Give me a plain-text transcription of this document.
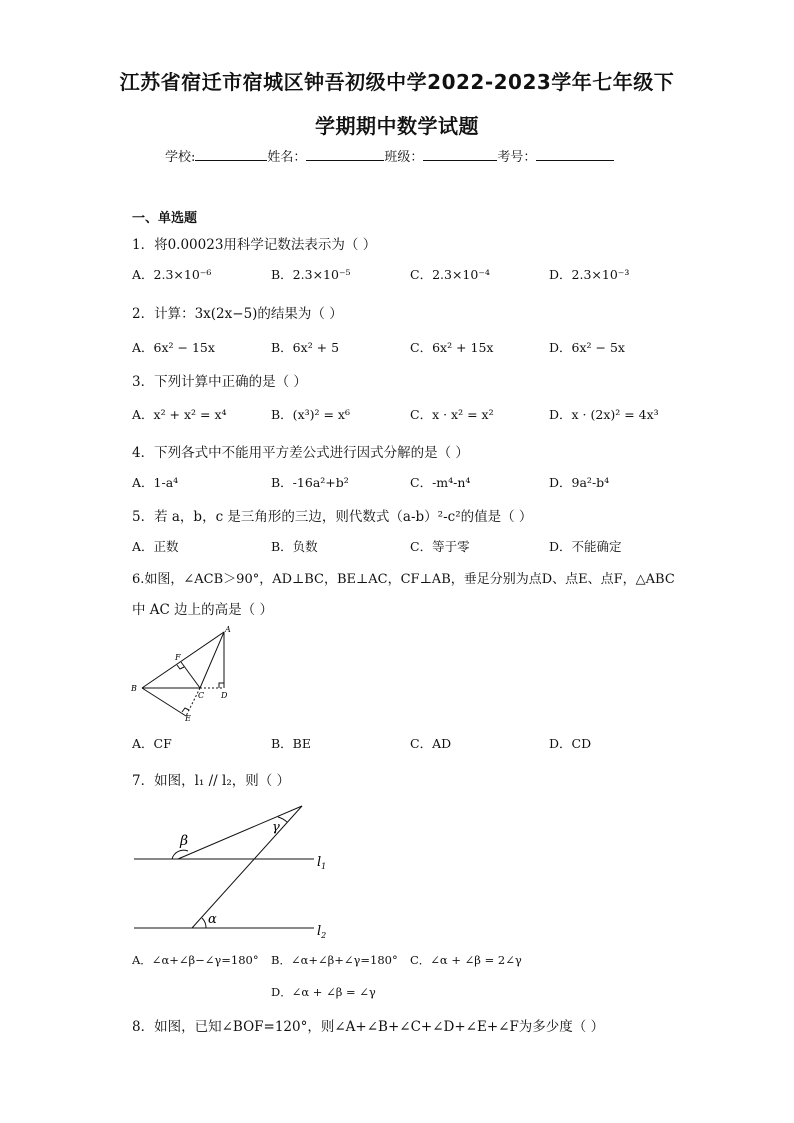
江苏省宿迁市宿城区钟吾初级中学2022-2023学年七年级下
学期期中数学试题
学校:	姓名：	班级：	考号：
一、单选题
1．将0.00023用科学记数法表示为（ ）
A．2.3×10⁻⁶	B．2.3×10⁻⁵	C．2.3×10⁻⁴	D．2.3×10⁻³
2．计算：3x(2x−5)的结果为（ ）
A．6x² − 15x	B．6x² + 5	C．6x² + 15x	D．6x² − 5x
3．下列计算中正确的是（ ）
A．x² + x² = x⁴	B．(x³)² = x⁶	C．x · x² = x²	D．x · (2x)² = 4x³
4．下列各式中不能用平方差公式进行因式分解的是（ ）
A．1-a⁴	B．-16a²+b²	C．-m⁴-n⁴	D．9a²-b⁴
5．若 a，b，c 是三角形的三边，则代数式（a-b）²-c²的值是（ ）
A．正数	B．负数	C．等于零	D．不能确定
6.如图，∠ACB＞90°，AD⊥BC，BE⊥AC，CF⊥AB，垂足分别为点D、点E、点F，△ABC
中 AC 边上的高是（ ）
A
B
C D
E
F
A．CF	B．BE	C．AD	D．CD
7．如图，l₁ // l₂，则（ ）
β
γ
α
$l_1$
$l_2$
A．∠α+∠β−∠γ=180° B．∠α+∠β+∠γ=180° C．∠α + ∠β = 2∠γ
D．∠α + ∠β = ∠γ
8．如图，已知∠BOF=120°，则∠A+∠B+∠C+∠D+∠E+∠F为多少度（ ）
